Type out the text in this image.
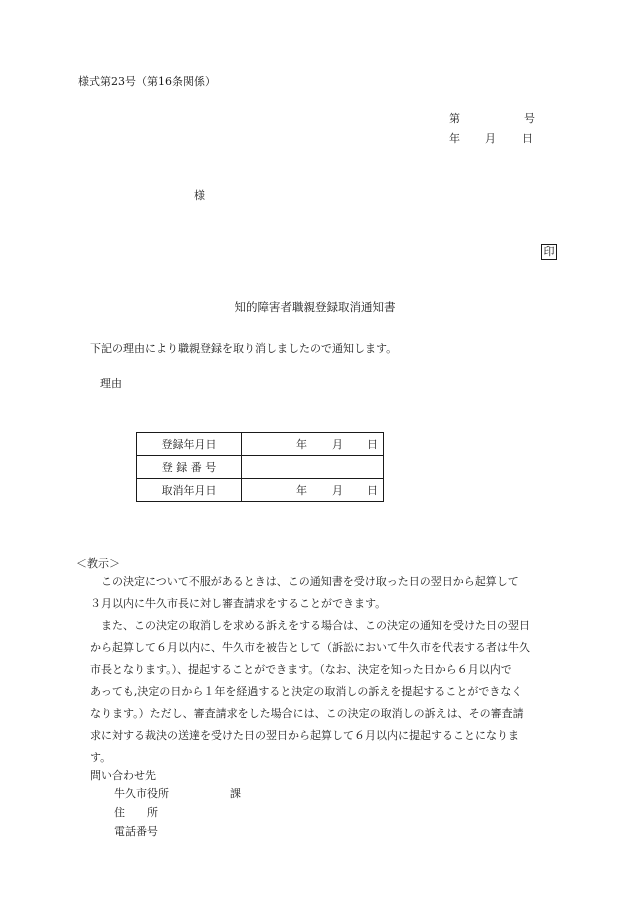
様式第23号（第16条関係）
第	号
年 月 日
様
印
知的障害者職親登録取消通知書
下記の理由により職親登録を取り消しましたので通知します。
理由
登録年月日	年 月 日

登 録 番 号	
取消年月日	年 月 日
＜教示＞
　この決定について不服があるときは、この通知書を受け取った日の翌日から起算して
３月以内に牛久市長に対し審査請求をすることができます。
　また、この決定の取消しを求める訴えをする場合は、この決定の通知を受けた日の翌日
から起算して６月以内に、牛久市を被告として（訴訟において牛久市を代表する者は牛久
市長となります。）、提起することができます。（なお、決定を知った日から６月以内で
あっても,決定の日から１年を経過すると決定の取消しの訴えを提起することができなく
なります。）ただし、審査請求をした場合には、この決定の取消しの訴えは、その審査請
求に対する裁決の送達を受けた日の翌日から起算して６月以内に提起することになりま
す。
問い合わせ先
牛久市役所	課
住　　所
電話番号
